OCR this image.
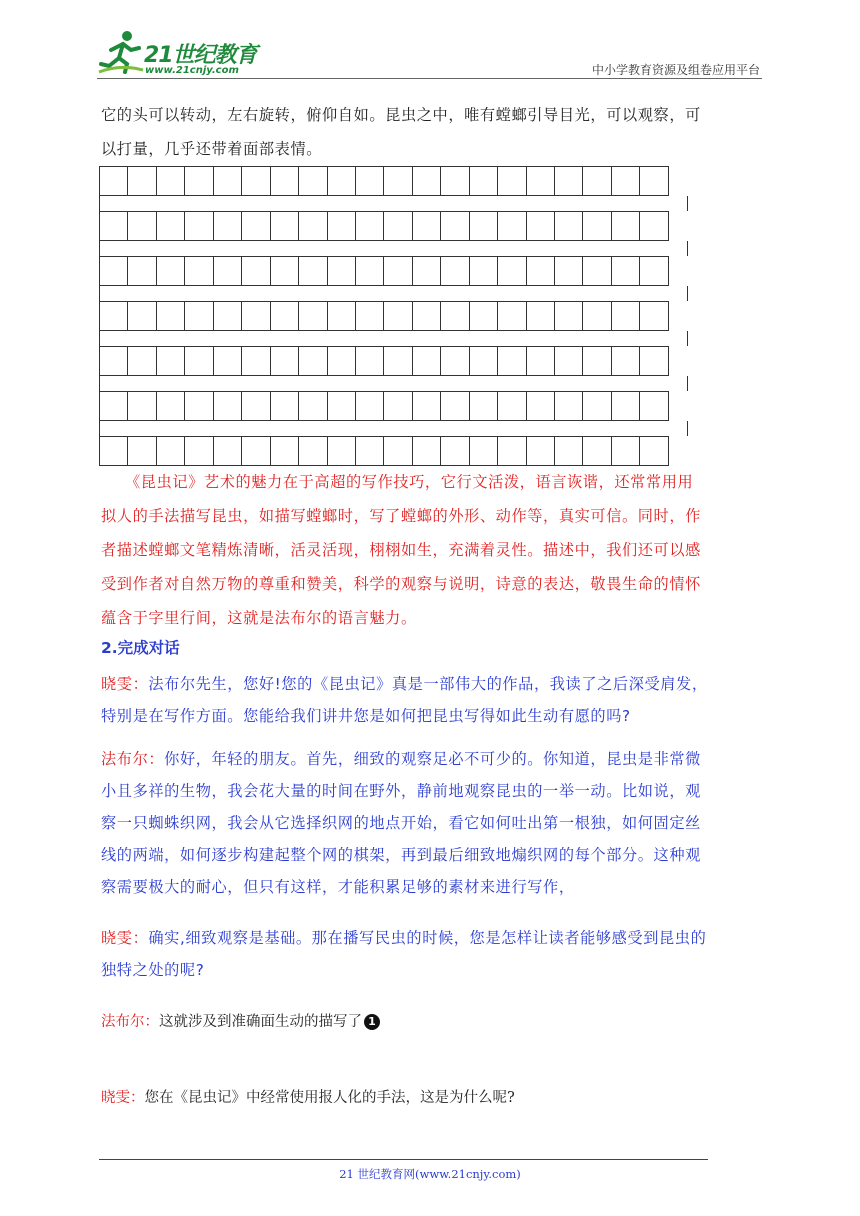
21世纪教育
www.21cnjy.com	中小学教育资源及组卷应用平台
它的头可以转动，左右旋转，俯仰自如。昆虫之中，唯有螳螂引导目光，可以观察，可
以打量，几乎还带着面部表情。
　　《昆虫记》艺术的魅力在于高超的写作技巧，它行文活泼，语言诙谐，还常常用用
拟人的手法描写昆虫，如描写螳螂时，写了螳螂的外形、动作等，真实可信。同时，作
者描述螳螂文笔精炼清晰，活灵活现，栩栩如生，充满着灵性。描述中，我们还可以感
受到作者对自然万物的尊重和赞美，科学的观察与说明，诗意的表达，敬畏生命的情怀
蕴含于字里行间，这就是法布尔的语言魅力。
2.完成对话
晓雯：法布尔先生，您好!您的《昆虫记》真是一部伟大的作品，我读了之后深受肩发，
特别是在写作方面。您能给我们讲井您是如何把昆虫写得如此生动有愿的吗?
法布尔：你好，年轻的朋友。首先，细致的观察足必不可少的。你知道，昆虫是非常微
小且多祥的生物，我会花大量的时间在野外，静前地观察昆虫的一举一动。比如说，观
察一只蜘蛛织网，我会从它选择织网的地点开始，看它如何吐出第一根独，如何固定丝
线的两端，如何逐步构建起整个网的棋架，再到最后细致地煽织网的每个部分。这种观
察需要极大的耐心，但只有这样，才能积累足够的素材来进行写作，
晓雯：确实,细致观察是基础。那在播写民虫的时候，您是怎样让读者能够感受到昆虫的
独特之处的呢?
法布尔：这就涉及到准确面生动的描写了 1
晓雯：您在《昆虫记》中经常使用报人化的手法，这是为什么呢?
21 世纪教育网(www.21cnjy.com)
